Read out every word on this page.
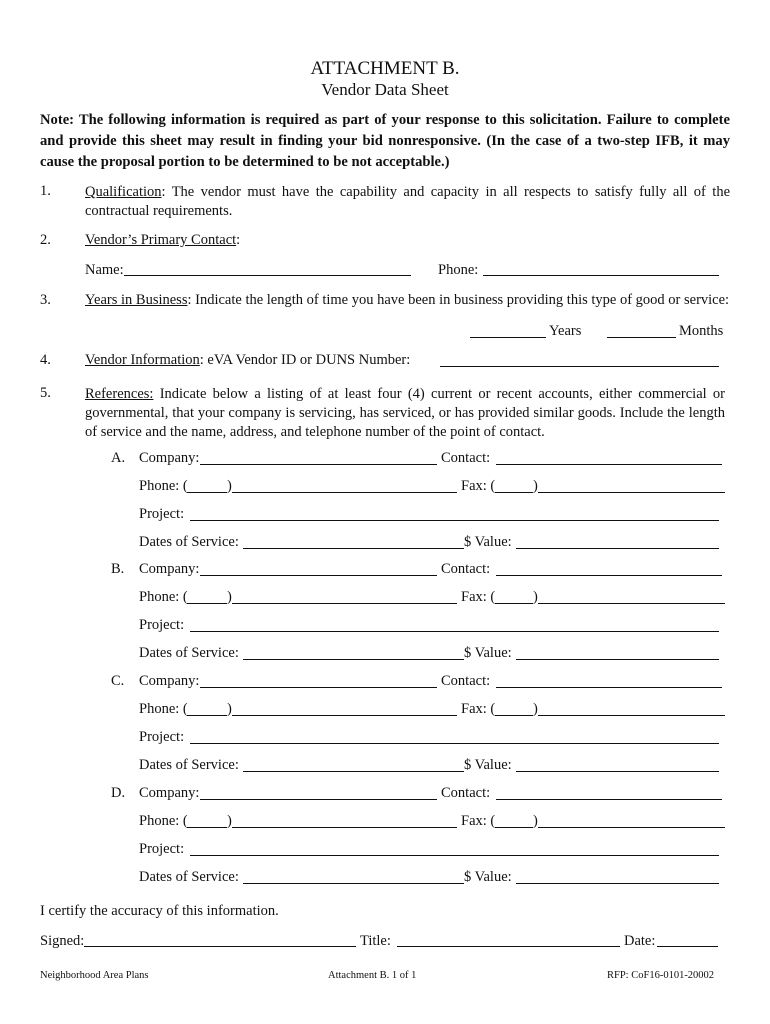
ATTACHMENT B.
Vendor Data Sheet
Note: The following information is required as part of your response to this solicitation. Failure to complete and provide this sheet may result in finding your bid nonresponsive. (In the case of a two-step IFB, it may cause the proposal portion to be determined to be not acceptable.)
1. Qualification: The vendor must have the capability and capacity in all respects to satisfy fully all of the contractual requirements.
2. Vendor’s Primary Contact:
Name:	Phone:
3. Years in Business: Indicate the length of time you have been in business providing this type of good or service:
Years	Months
4. Vendor Information: eVA Vendor ID or DUNS Number:
5. References: Indicate below a listing of at least four (4) current or recent accounts, either commercial or governmental, that your company is servicing, has serviced, or has provided similar goods. Include the length of service and the name, address, and telephone number of the point of contact.
A. Company:	Contact:
Phone: (	)	Fax: (	)
Project:
Dates of Service:	$ Value:
B. Company:	Contact:
Phone: (	)	Fax: (	)
Project:
Dates of Service:	$ Value:
C. Company:	Contact:
Phone: (	)	Fax: (	)
Project:
Dates of Service:	$ Value:
D. Company:	Contact:
Phone: (	)	Fax: (	)
Project:
Dates of Service:	$ Value:
I certify the accuracy of this information.
Signed:	Title:	Date:
Neighborhood Area Plans	Attachment B. 1 of 1	RFP: CoF16-0101-20002
